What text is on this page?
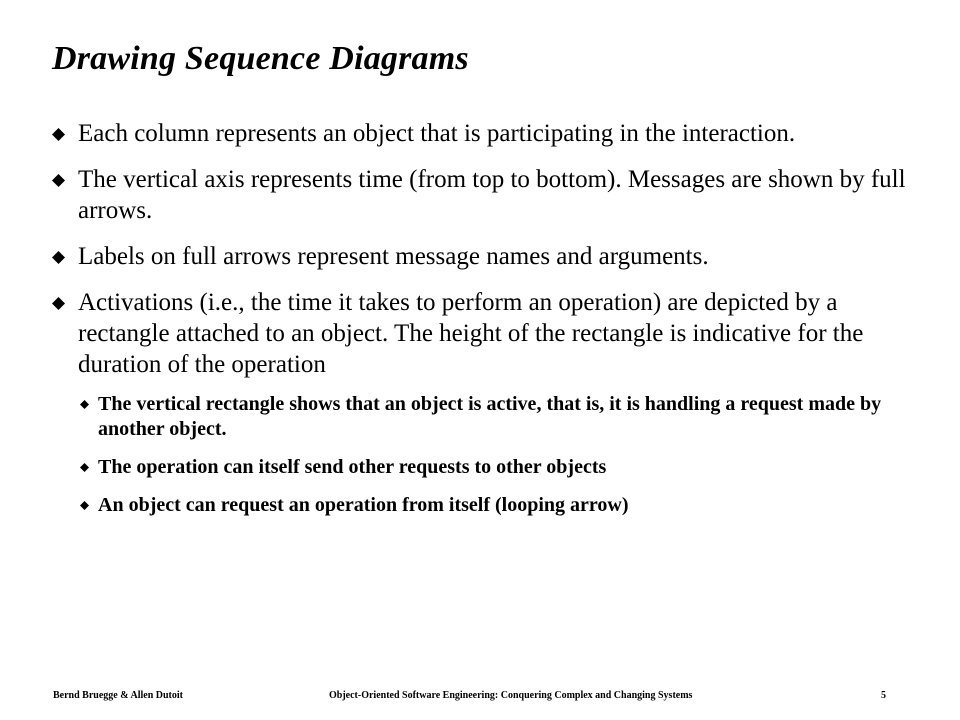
Drawing Sequence Diagrams
Each column represents an object that is participating in the interaction.
The vertical axis represents time (from top to bottom). Messages are shown by full arrows.
Labels on full arrows represent message names and arguments.
Activations (i.e., the time it takes to perform an operation) are depicted by a rectangle attached to an object. The height of the rectangle is indicative for the duration of the operation
The vertical rectangle shows that an object is active, that is, it is handling a request made by another object.
The operation can itself send other requests to other objects
An object can request an operation from itself (looping arrow)
Bernd Bruegge & Allen Dutoit	Object-Oriented Software Engineering: Conquering Complex and Changing Systems	5
